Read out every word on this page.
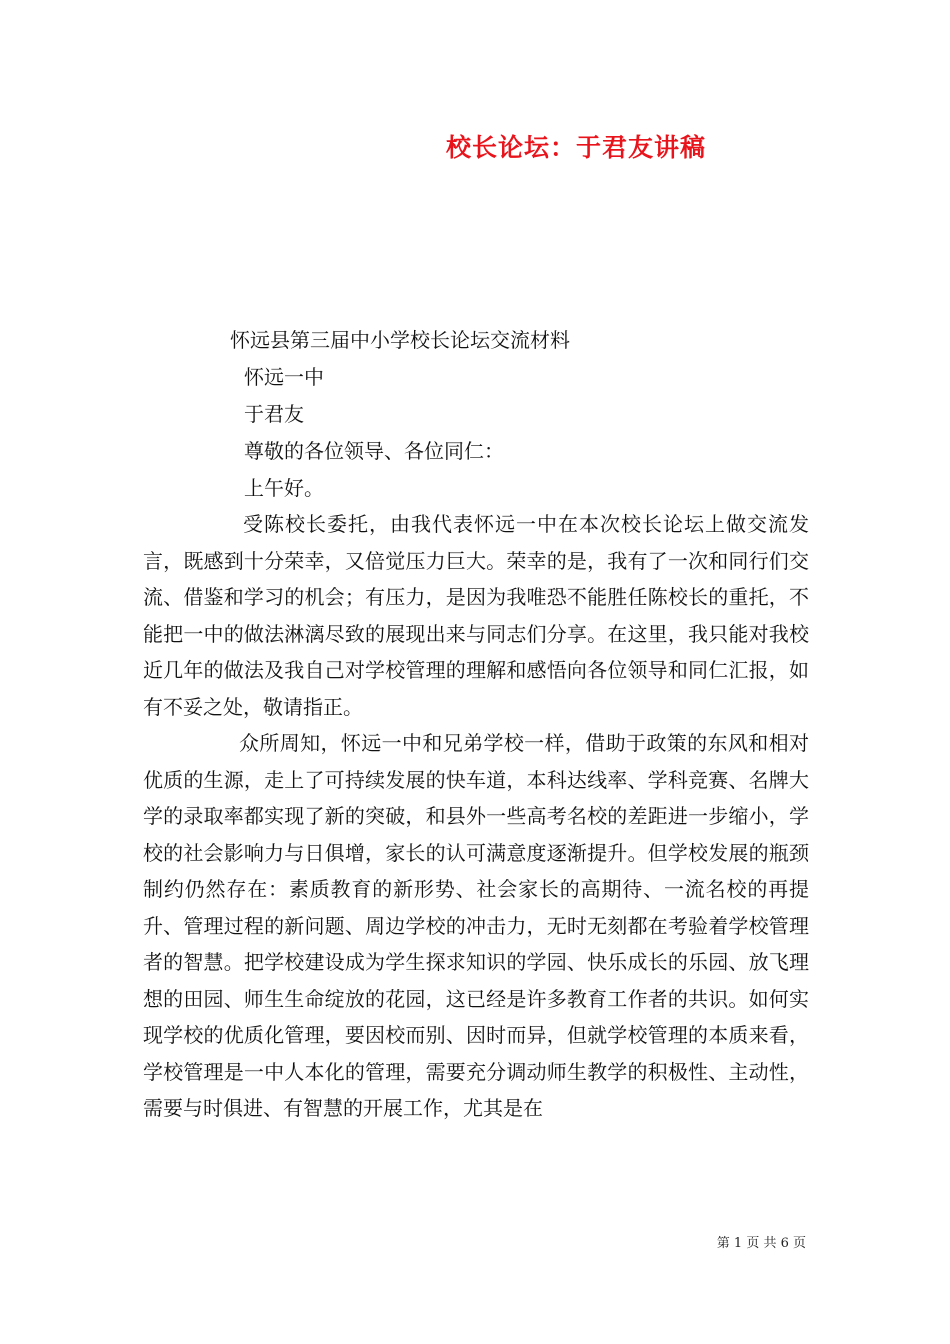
校长论坛：于君友讲稿
怀远县第三届中小学校长论坛交流材料
怀远一中
于君友
尊敬的各位领导、各位同仁：
上午好。

受陈校长委托，由我代表怀远一中在本次校长论坛上做交流发言，既感到十分荣幸，又倍觉压力巨大。荣幸的是，我有了一次和同行们交流、借鉴和学习的机会；有压力，是因为我唯恐不能胜任陈校长的重托，不能把一中的做法淋漓尽致的展现出来与同志们分享。在这里，我只能对我校近几年的做法及我自己对学校管理的理解和感悟向各位领导和同仁汇报，如有不妥之处，敬请指正。

众所周知，怀远一中和兄弟学校一样，借助于政策的东风和相对优质的生源，走上了可持续发展的快车道，本科达线率、学科竞赛、名牌大学的录取率都实现了新的突破，和县外一些高考名校的差距进一步缩小，学校的社会影响力与日俱增，家长的认可满意度逐渐提升。但学校发展的瓶颈制约仍然存在：素质教育的新形势、社会家长的高期待、一流名校的再提升、管理过程的新问题、周边学校的冲击力，无时无刻都在考验着学校管理者的智慧。把学校建设成为学生探求知识的学园、快乐成长的乐园、放飞理想的田园、师生生命绽放的花园，这已经是许多教育工作者的共识。如何实现学校的优质化管理，要因校而别、因时而异，但就学校管理的本质来看，学校管理是一中人本化的管理，需要充分调动师生教学的积极性、主动性，需要与时俱进、有智慧的开展工作，尤其是在

第 1 页 共 6 页
